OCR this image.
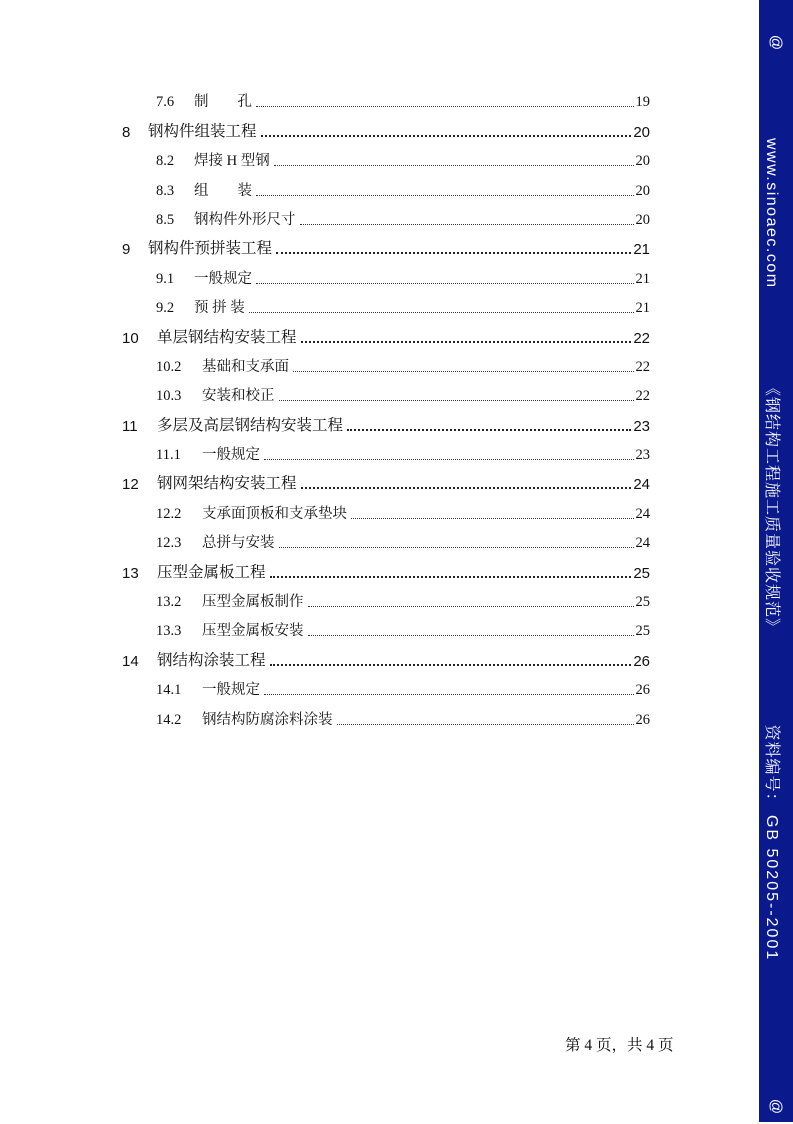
7.6	制　　孔	19
8	钢构件组装工程	20
8.2	焊接 H 型钢	20
8.3	组　　装	20
8.5	钢构件外形尺寸	20
9	钢构件预拼装工程	21
9.1	一般规定	21
9.2	预 拼 装	21
10	单层钢结构安装工程	22
10.2	基础和支承面	22
10.3	安装和校正	22
11	多层及高层钢结构安装工程	23
11.1	一般规定	23
12	钢网架结构安装工程	24
12.2	支承面顶板和支承垫块	24
12.3	总拼与安装	24
13	压型金属板工程	25
13.2	压型金属板制作	25
13.3	压型金属板安装	25
14	钢结构涂装工程	26
14.1	一般规定	26
14.2	钢结构防腐涂料涂装	26
第 4 页，共 4 页
@
www.sinoaec.com 《钢结构工程施工质量验收规范》 资料编号： GB 50205--2001
@
